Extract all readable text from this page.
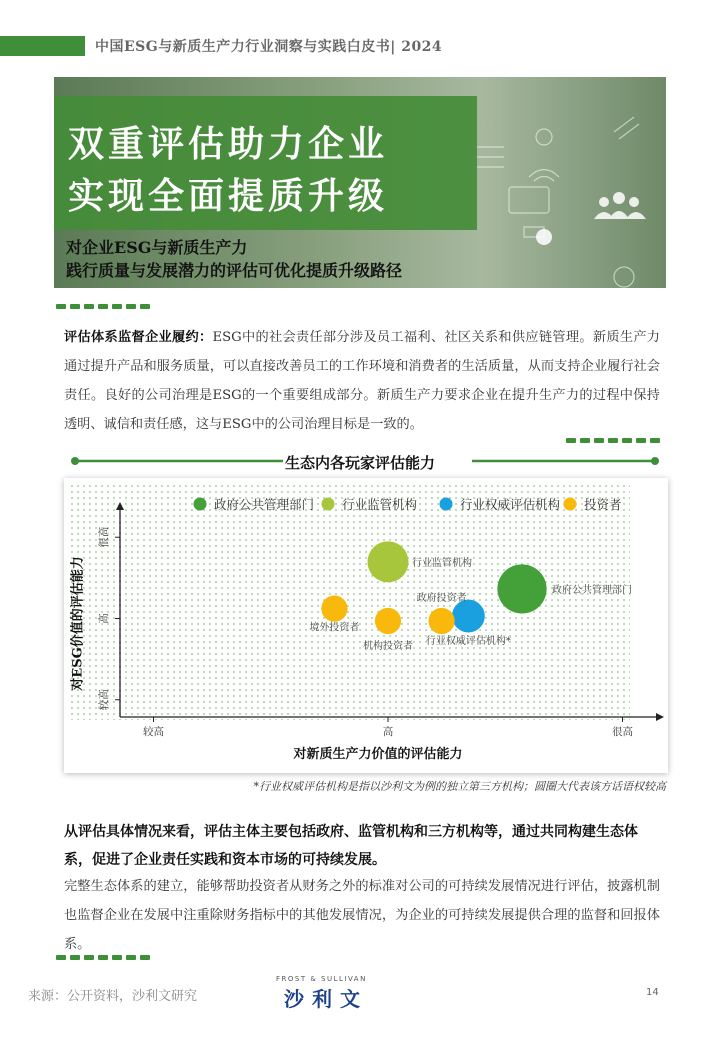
中国ESG与新质生产力行业洞察与实践白皮书| 2024
双重评估助力企业
实现全面提质升级
对企业ESG与新质生产力
践行质量与发展潜力的评估可优化提质升级路径
评估体系监督企业履约：ESG中的社会责任部分涉及员工福利、社区关系和供应链管理。新质生产力通过提升产品和服务质量，可以直接改善员工的工作环境和消费者的生活质量，从而支持企业履行社会责任。良好的公司治理是ESG的一个重要组成部分。新质生产力要求企业在提升生产力的过程中保持透明、诚信和责任感，这与ESG中的公司治理目标是一致的。
生态内各玩家评估能力
政府公共管理部门 行业监管机构	行业权威评估机构 投资者
较高	高	很高
较高
高
很高
对新质生产力价值的评估能力
对ESG价值的评估能力	政府公共管理部门
行业监管机构
行业权威评估机构*
境外投资者
机构投资者
政府投资者
*行业权威评估机构是指以沙利文为例的独立第三方机构；圆圈大代表该方话语权较高
从评估具体情况来看，评估主体主要包括政府、监管机构和三方机构等，通过共同构建生态体系，促进了企业责任实践和资本市场的可持续发展。
完整生态体系的建立，能够帮助投资者从财务之外的标准对公司的可持续发展情况进行评估，披露机制也监督企业在发展中注重除财务指标中的其他发展情况，为企业的可持续发展提供合理的监督和回报体系。
来源：公开资料，沙利文研究
FROST & SULLIVAN
沙利文	14
